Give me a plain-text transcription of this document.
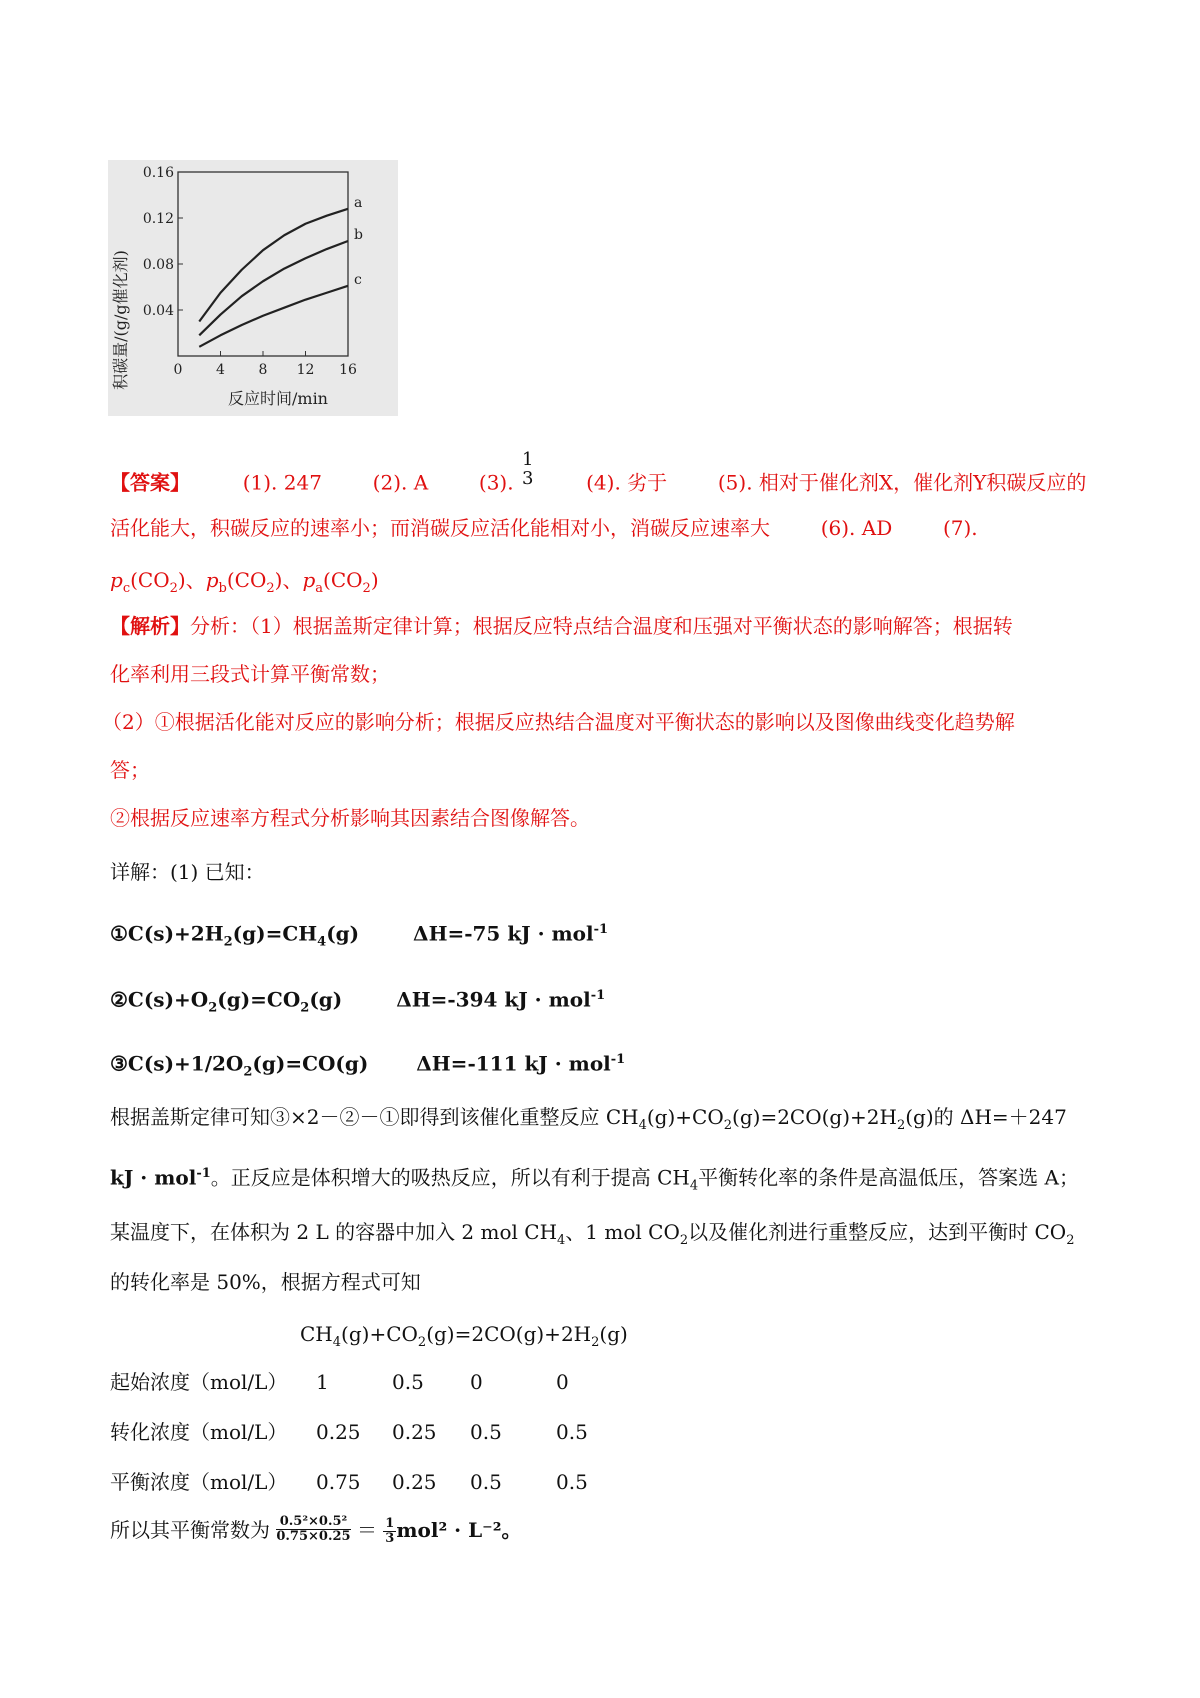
积碳量/(g/g催化剂)
反应时间/min
0 4 8 12 16
0.04
0.08
0.12
0.16
a
b
c
【答案】	(1). 247	(2). A	(3).
1
3	(4). 劣于	(5). 相对于催化剂X，催化剂Y积碳反应的
活化能大，积碳反应的速率小；而消碳反应活化能相对小，消碳反应速率大	(6). AD	(7).
$p_c(CO_2)$、$p_b(CO_2)$、$p_a(CO_2)$
【解析】分析：（1）根据盖斯定律计算；根据反应特点结合温度和压强对平衡状态的影响解答；根据转
化率利用三段式计算平衡常数；
（2）①根据活化能对反应的影响分析；根据反应热结合温度对平衡状态的影响以及图像曲线变化趋势解
答；
②根据反应速率方程式分析影响其因素结合图像解答。
详解：(1) 已知：
$①C(s)+2H_2(g)=CH_4(g)$	ΔH=-75 kJ · mol$^{-1}$
$②C(s)+O_2(g)=CO_2(g)$	ΔH=-394 kJ · mol$^{-1}$
$③C(s)+1/2O_2(g)=CO(g)$ ΔH=-111 kJ · mol$^{-1}$
根据盖斯定律可知③×2－②－①即得到该催化重整反应 $CH_4(g)+CO_2(g)=2CO(g)+2H_2(g)$的 ΔH=＋247
kJ · mol$^{-1}$。正反应是体积增大的吸热反应，所以有利于提高 $CH_4$平衡转化率的条件是高温低压，答案选 A；
某温度下，在体积为 2 L 的容器中加入 2 mol $CH_4$、1 mol $CO_2$以及催化剂进行重整反应，达到平衡时 $CO_2$
的转化率是 50%，根据方程式可知
$CH_4(g)+CO_2(g)=2CO(g)+2H_2(g)$
起始浓度（mol/L） 1	0.5 0	0
转化浓度（mol/L） 0.25 0.25 0.5	0.5
平衡浓度（mol/L） 0.75 0.25 0.5	0.5
所以其平衡常数为 $\frac{\text{0.5²×0.5²}}{0.75\times 0.25} = \frac{1}{3} mol^2 \cdot L^{-2}$。
